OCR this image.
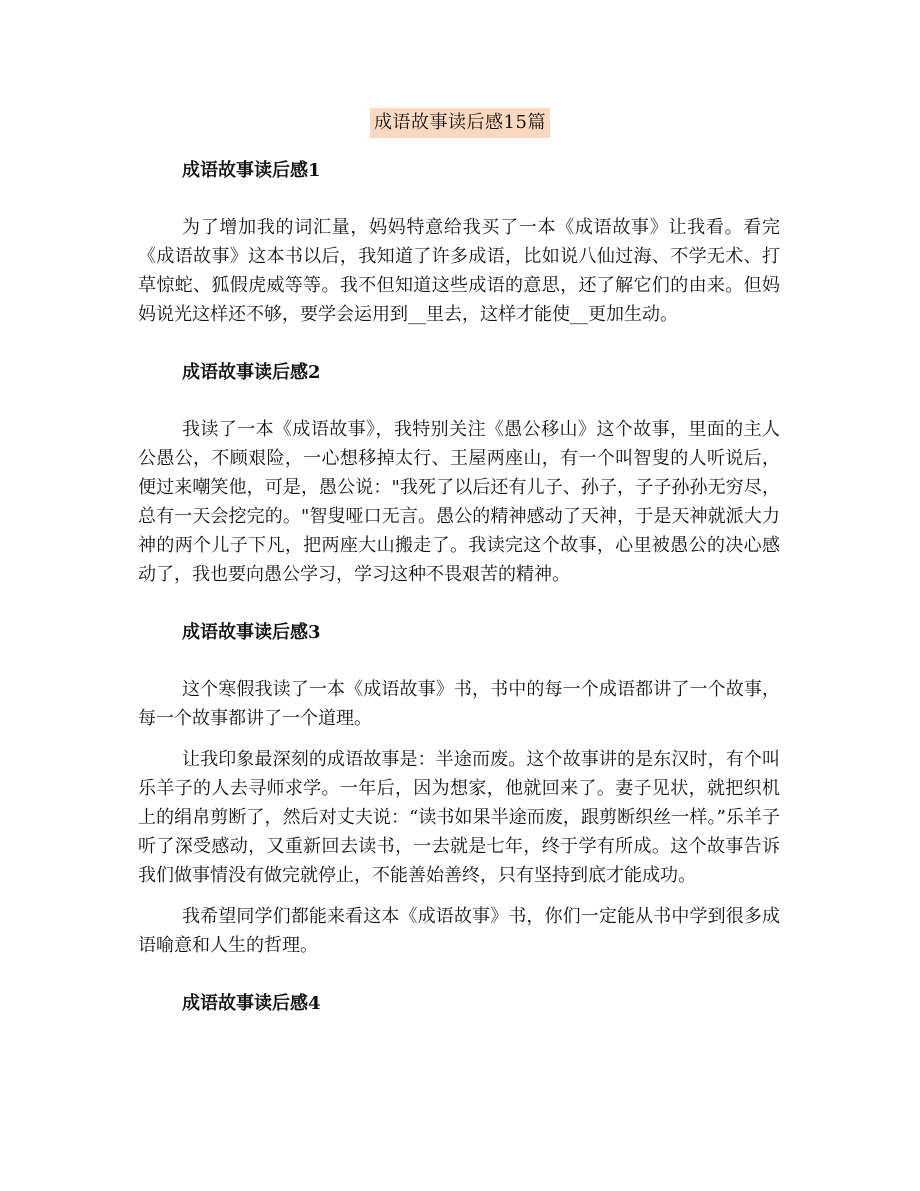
成语故事读后感15篇
成语故事读后感1

为了增加我的词汇量，妈妈特意给我买了一本《成语故事》让我看。看完《成语故事》这本书以后，我知道了许多成语，比如说八仙过海、不学无术、打草惊蛇、狐假虎威等等。我不但知道这些成语的意思，还了解它们的由来。但妈妈说光这样还不够，要学会运用到__里去，这样才能使__更加生动。

成语故事读后感2

我读了一本《成语故事》，我特别关注《愚公移山》这个故事，里面的主人公愚公，不顾艰险，一心想移掉太行、王屋两座山，有一个叫智叟的人听说后，便过来嘲笑他，可是，愚公说："我死了以后还有儿子、孙子，子子孙孙无穷尽，总有一天会挖完的。"智叟哑口无言。愚公的精神感动了天神，于是天神就派大力神的两个儿子下凡，把两座大山搬走了。我读完这个故事，心里被愚公的决心感动了，我也要向愚公学习，学习这种不畏艰苦的精神。

成语故事读后感3

这个寒假我读了一本《成语故事》书，书中的每一个成语都讲了一个故事，每一个故事都讲了一个道理。

让我印象最深刻的成语故事是：半途而废。这个故事讲的是东汉时，有个叫乐羊子的人去寻师求学。一年后，因为想家，他就回来了。妻子见状，就把织机上的绢帛剪断了，然后对丈夫说：“读书如果半途而废，跟剪断织丝一样。”乐羊子听了深受感动，又重新回去读书，一去就是七年，终于学有所成。这个故事告诉我们做事情没有做完就停止，不能善始善终，只有坚持到底才能成功。

我希望同学们都能来看这本《成语故事》书，你们一定能从书中学到很多成语喻意和人生的哲理。

成语故事读后感4
